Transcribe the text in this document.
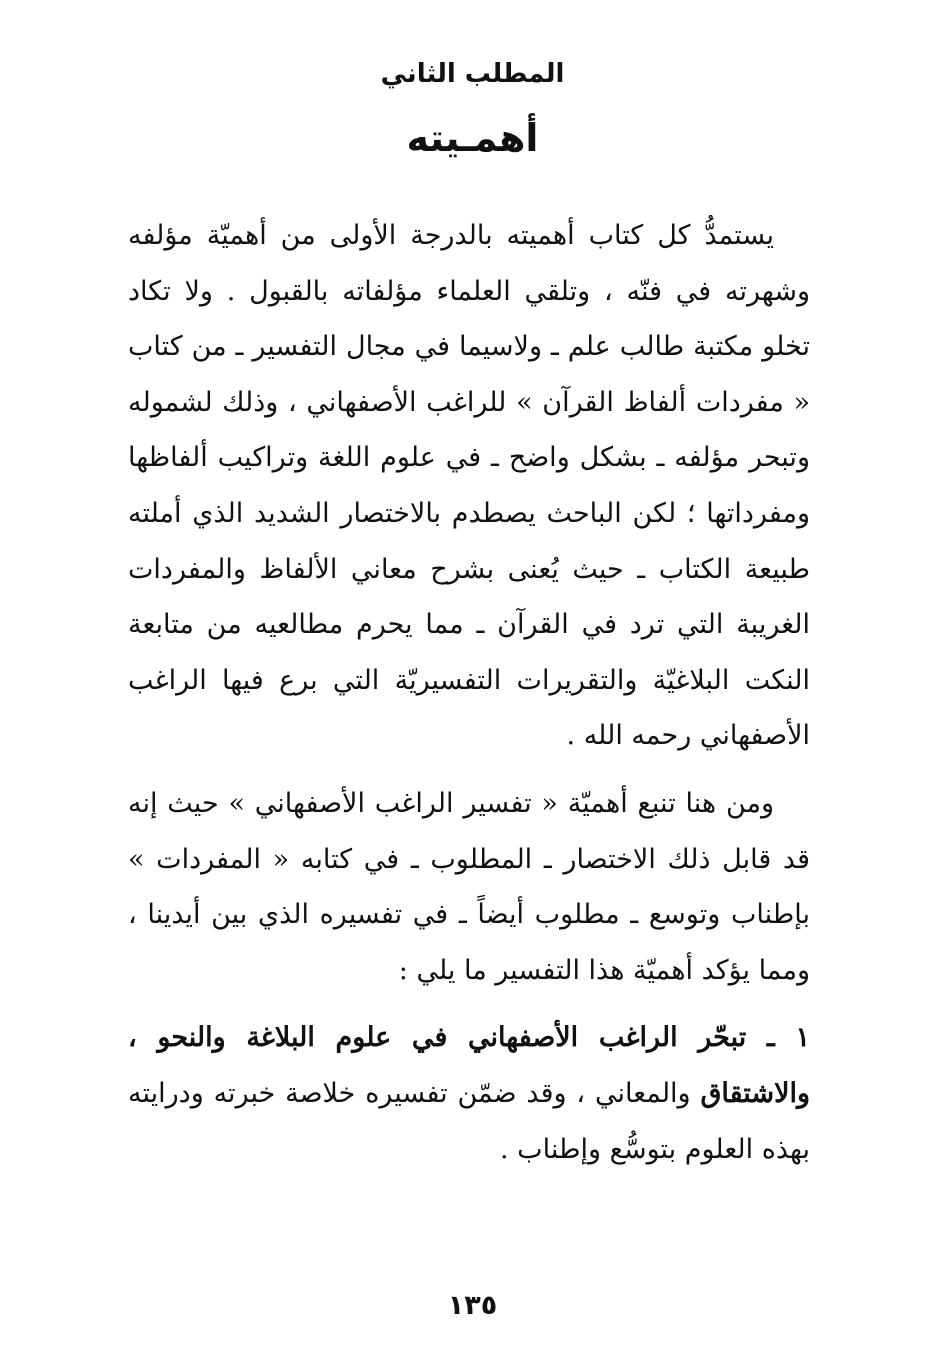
المطلب الثاني
أهمـيته

يستمدُّ كل كتاب أهميته بالدرجة الأولى من أهميّة مؤلفه وشهرته في فنّه ، وتلقي العلماء مؤلفاته بالقبول . ولا تكاد تخلو مكتبة طالب علم ـ ولاسيما في مجال التفسير ـ من كتاب « مفردات ألفاظ القرآن » للراغب الأصفهاني ، وذلك لشموله وتبحر مؤلفه ـ بشكل واضح ـ في علوم اللغة وتراكيب ألفاظها ومفرداتها ؛ لكن الباحث يصطدم بالاختصار الشديد الذي أملته طبيعة الكتاب ـ حيث يُعنى بشرح معاني الألفاظ والمفردات الغريبة التي ترد في القرآن ـ مما يحرم مطالعيه من متابعة النكت البلاغيّة والتقريرات التفسيريّة التي برع فيها الراغب الأصفهاني رحمه الله .

ومن هنا تنبع أهميّة « تفسير الراغب الأصفهاني » حيث إنه قد قابل ذلك الاختصار ـ المطلوب ـ في كتابه « المفردات » بإطناب وتوسع ـ مطلوب أيضاً ـ في تفسيره الذي بين أيدينا ، ومما يؤكد أهميّة هذا التفسير ما يلي :

١ ـ تبحّر الراغب الأصفهاني في علوم البلاغة والنحو ، والاشتقاق والمعاني ، وقد ضمّن تفسيره خلاصة خبرته ودرايته بهذه العلوم بتوسُّع وإطناب .

١٣٥
